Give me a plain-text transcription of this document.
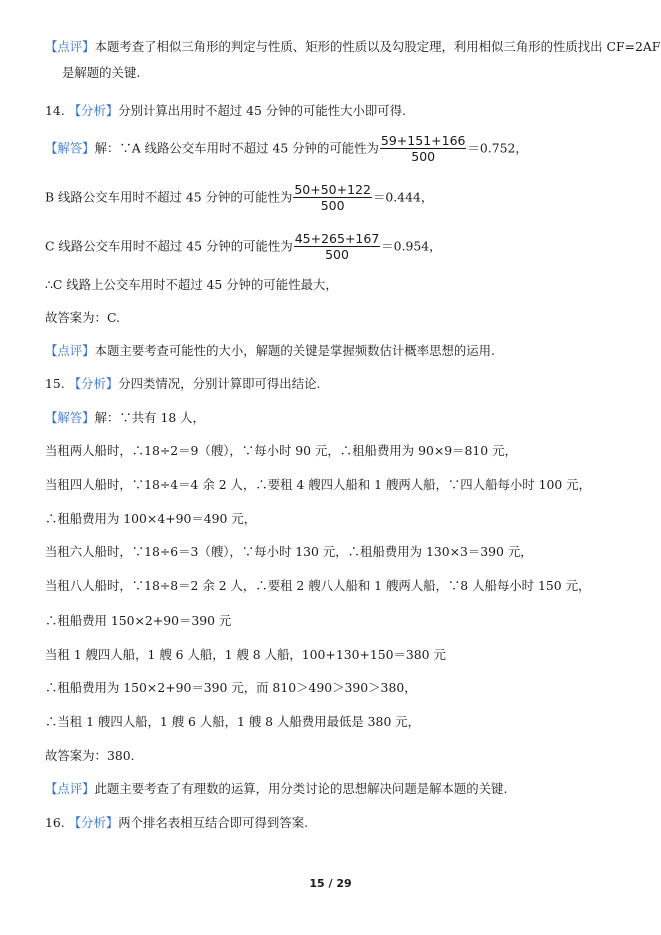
【点评】本题考查了相似三角形的判定与性质、矩形的性质以及勾股定理，利用相似三角形的性质找出 CF=2AF
是解题的关键.
14. 【分析】分别计算出用时不超过 45 分钟的可能性大小即可得.
【解答】解：∵A 线路公交车用时不超过 45 分钟的可能性为 $\frac{59+151+166}{500} =0.752$，
B 线路公交车用时不超过 45 分钟的可能性为 $\frac{50+50+122}{500} =0.444$，
C 线路公交车用时不超过 45 分钟的可能性为 $\frac{45+265+167}{500} =0.954$，
∴C 线路上公交车用时不超过 45 分钟的可能性最大，
故答案为：C.
【点评】本题主要考查可能性的大小，解题的关键是掌握频数估计概率思想的运用.
15. 【分析】分四类情况，分别计算即可得出结论.
【解答】解：∵共有 18 人，
当租两人船时，∴18÷2＝9（艘），∵每小时 90 元，∴租船费用为 90×9＝810 元，
当租四人船时，∵18÷4＝4 余 2 人，∴要租 4 艘四人船和 1 艘两人船，∵四人船每小时 100 元，
∴租船费用为 100×4+90＝490 元，
当租六人船时，∵18÷6＝3（艘），∵每小时 130 元，∴租船费用为 130×3＝390 元，
当租八人船时，∵18÷8＝2 余 2 人，∴要租 2 艘八人船和 1 艘两人船，∵8 人船每小时 150 元，
∴租船费用 150×2+90＝390 元
当租 1 艘四人船，1 艘 6 人船，1 艘 8 人船，100+130+150＝380 元
∴租船费用为 150×2+90＝390 元，而 810＞490＞390＞380，
∴当租 1 艘四人船，1 艘 6 人船，1 艘 8 人船费用最低是 380 元，
故答案为：380.
【点评】此题主要考查了有理数的运算，用分类讨论的思想解决问题是解本题的关键.
16. 【分析】两个排名表相互结合即可得到答案.
15 / 29
